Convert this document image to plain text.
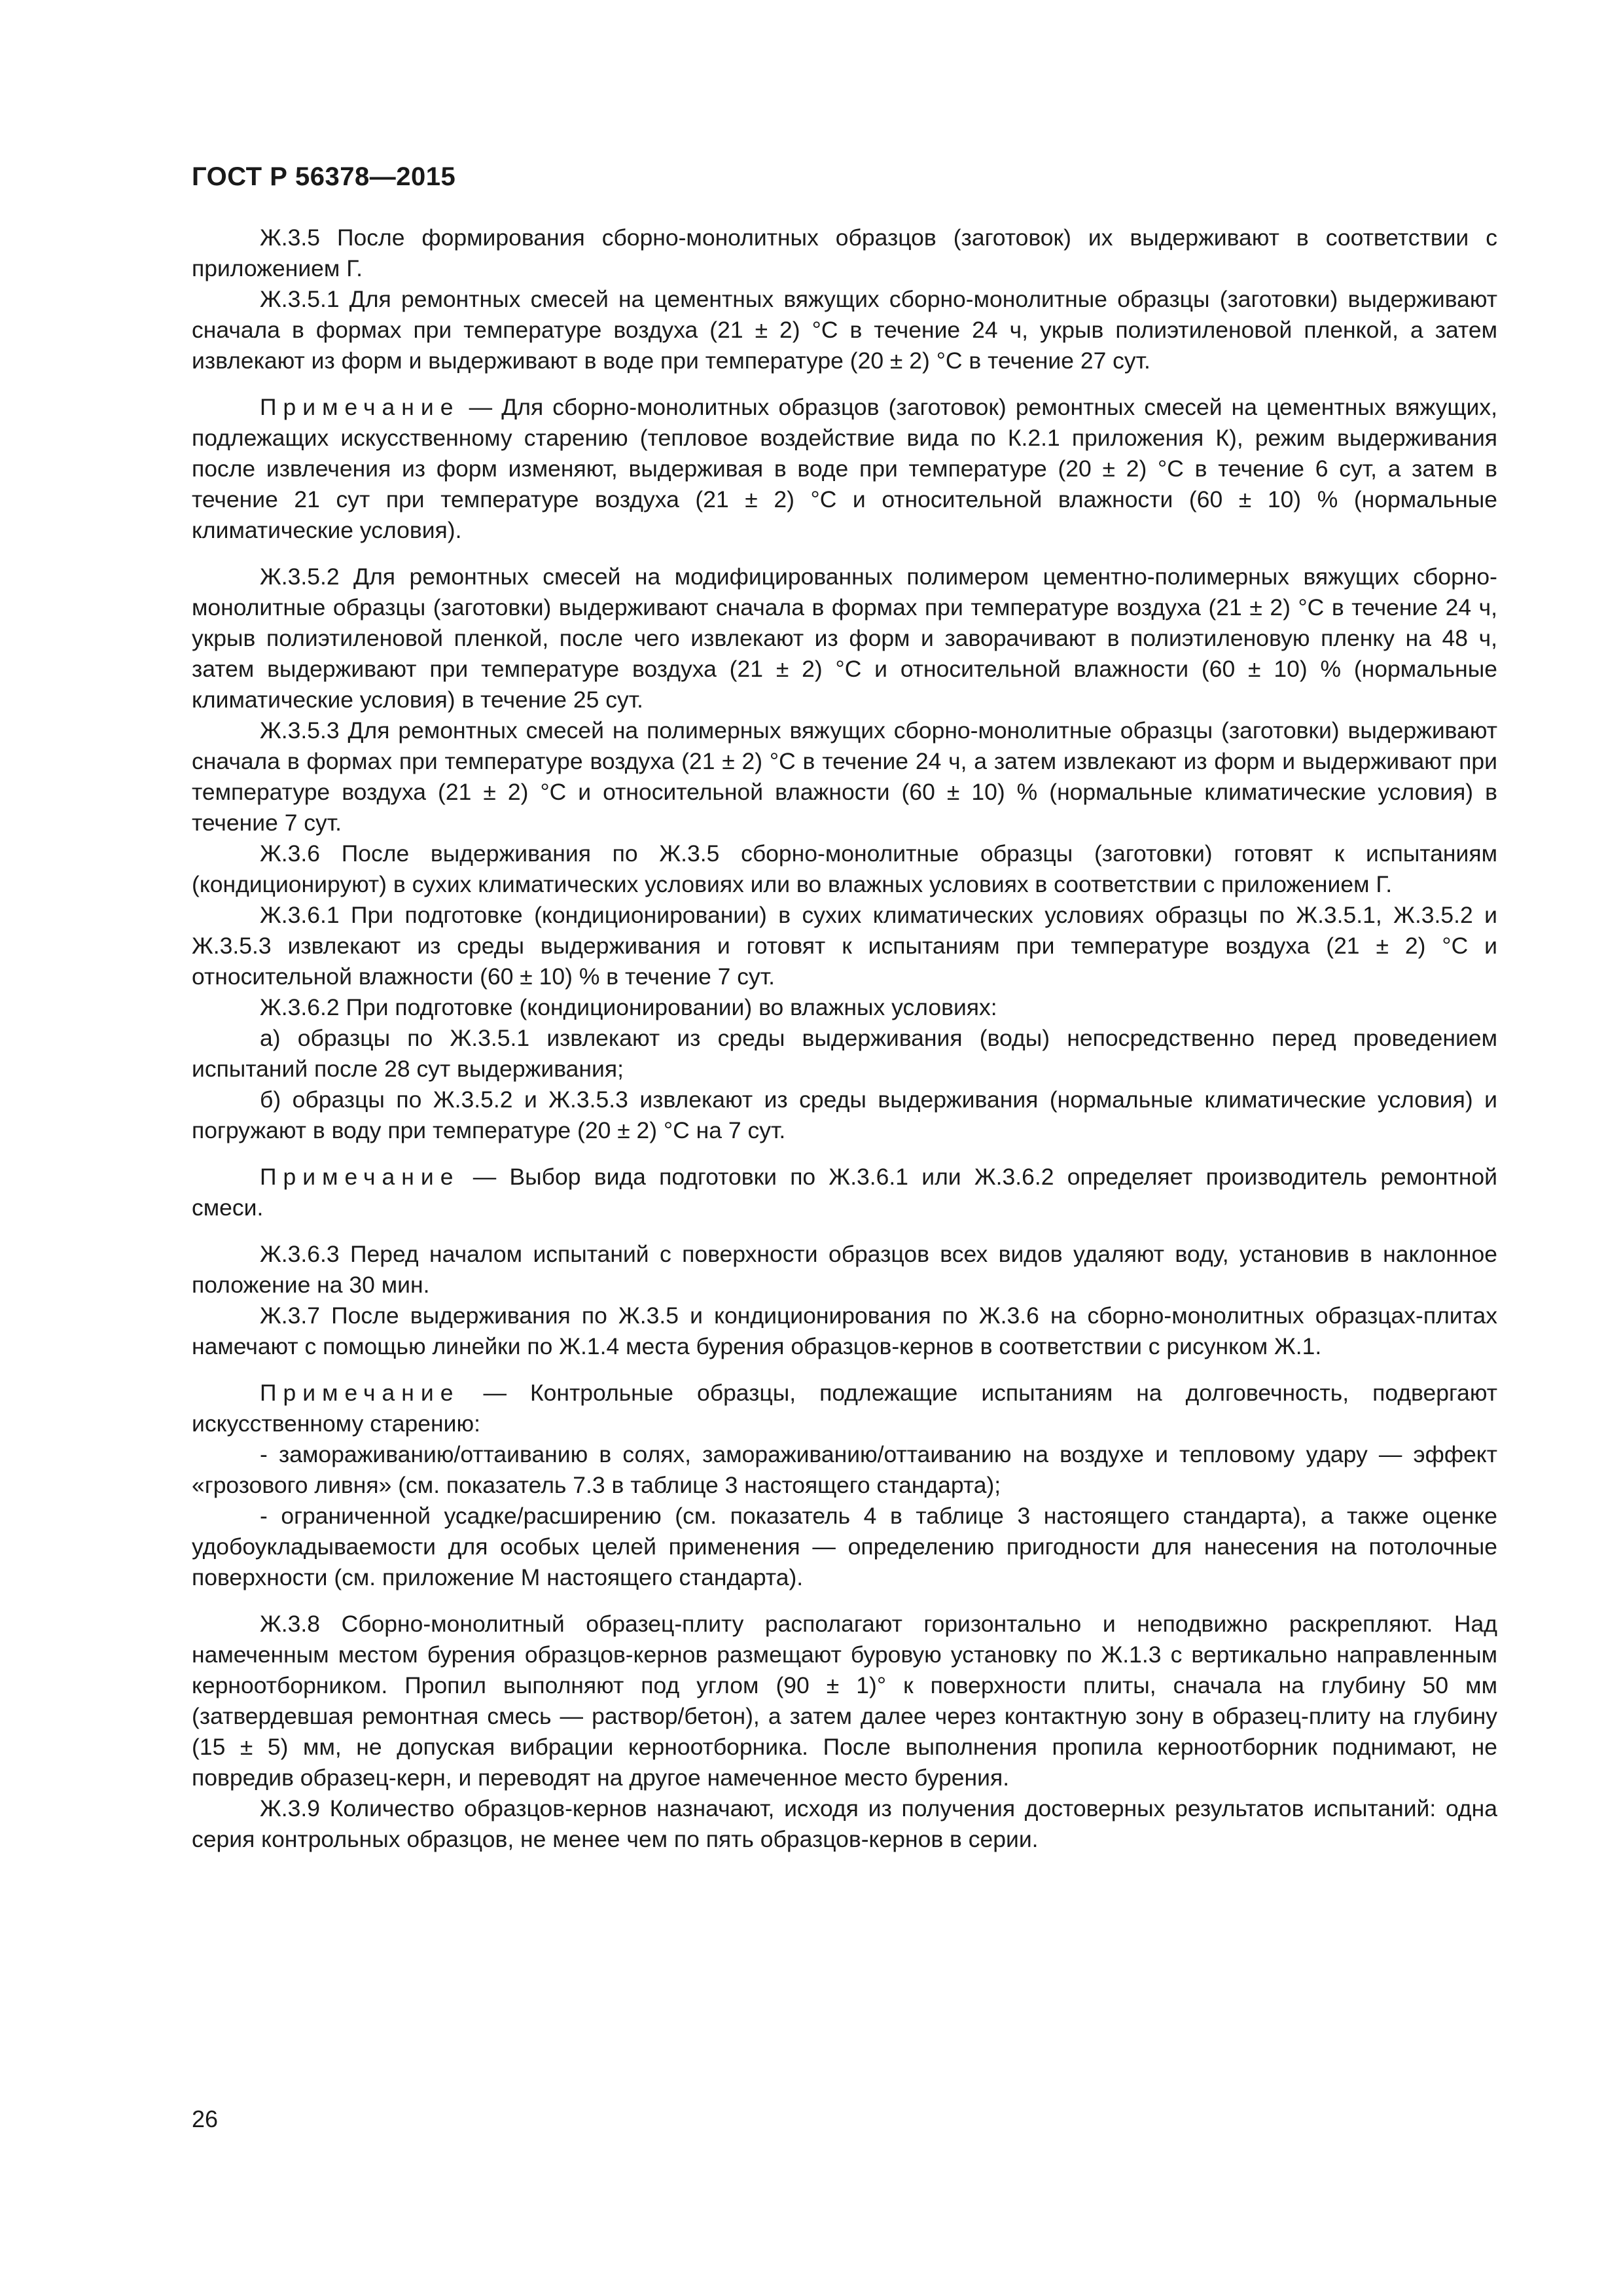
ГОСТ Р 56378—2015

Ж.3.5 После формирования сборно-монолитных образцов (заготовок) их выдерживают в соответствии с приложением Г.

Ж.3.5.1 Для ремонтных смесей на цементных вяжущих сборно-монолитные образцы (заготовки) выдерживают сначала в формах при температуре воздуха (21 ± 2) °С в течение 24 ч, укрыв полиэтиленовой пленкой, а затем извлекают из форм и выдерживают в воде при температуре (20 ± 2) °С в течение 27 сут.

Примечание — Для сборно-монолитных образцов (заготовок) ремонтных смесей на цементных вяжущих, подлежащих искусственному старению (тепловое воздействие вида по К.2.1 приложения К), режим выдерживания после извлечения из форм изменяют, выдерживая в воде при температуре (20 ± 2) °С в течение 6 сут, а затем в течение 21 сут при температуре воздуха (21 ± 2) °С и относительной влажности (60 ± 10) % (нормальные климатические условия).

Ж.3.5.2 Для ремонтных смесей на модифицированных полимером цементно-полимерных вяжущих сборно-монолитные образцы (заготовки) выдерживают сначала в формах при температуре воздуха (21 ± 2) °С в течение 24 ч, укрыв полиэтиленовой пленкой, после чего извлекают из форм и заворачивают в полиэтиленовую пленку на 48 ч, затем выдерживают при температуре воздуха (21 ± 2) °С и относительной влажности (60 ± 10) % (нормальные климатические условия) в течение 25 сут.

Ж.3.5.3 Для ремонтных смесей на полимерных вяжущих сборно-монолитные образцы (заготовки) выдерживают сначала в формах при температуре воздуха (21 ± 2) °С в течение 24 ч, а затем извлекают из форм и выдерживают при температуре воздуха (21 ± 2) °С и относительной влажности (60 ± 10) % (нормальные климатические условия) в течение 7 сут.

Ж.3.6 После выдерживания по Ж.3.5 сборно-монолитные образцы (заготовки) готовят к испытаниям (кондиционируют) в сухих климатических условиях или во влажных условиях в соответствии с приложением Г.

Ж.3.6.1 При подготовке (кондиционировании) в сухих климатических условиях образцы по Ж.3.5.1, Ж.3.5.2 и Ж.3.5.3 извлекают из среды выдерживания и готовят к испытаниям при температуре воздуха (21 ± 2) °С и относительной влажности (60 ± 10) % в течение 7 сут.

Ж.3.6.2 При подготовке (кондиционировании) во влажных условиях:

а) образцы по Ж.3.5.1 извлекают из среды выдерживания (воды) непосредственно перед проведением испытаний после 28 сут выдерживания;

б) образцы по Ж.3.5.2 и Ж.3.5.3 извлекают из среды выдерживания (нормальные климатические условия) и погружают в воду при температуре (20 ± 2) °С на 7 сут.

Примечание — Выбор вида подготовки по Ж.3.6.1 или Ж.3.6.2 определяет производитель ремонтной смеси.

Ж.3.6.3 Перед началом испытаний с поверхности образцов всех видов удаляют воду, установив в наклонное положение на 30 мин.

Ж.3.7 После выдерживания по Ж.3.5 и кондиционирования по Ж.3.6 на сборно-монолитных образцах-плитах намечают с помощью линейки по Ж.1.4 места бурения образцов-кернов в соответствии с рисунком Ж.1.

Примечание — Контрольные образцы, подлежащие испытаниям на долговечность, подвергают искусственному старению:

- замораживанию/оттаиванию в солях, замораживанию/оттаиванию на воздухе и тепловому удару — эффект «грозового ливня» (см. показатель 7.3 в таблице 3 настоящего стандарта);

- ограниченной усадке/расширению (см. показатель 4 в таблице 3 настоящего стандарта), а также оценке удобоукладываемости для особых целей применения — определению пригодности для нанесения на потолочные поверхности (см. приложение М настоящего стандарта).

Ж.3.8 Сборно-монолитный образец-плиту располагают горизонтально и неподвижно раскрепляют. Над намеченным местом бурения образцов-кернов размещают буровую установку по Ж.1.3 с вертикально направленным керноотборником. Пропил выполняют под углом (90 ± 1)° к поверхности плиты, сначала на глубину 50 мм (затвердевшая ремонтная смесь — раствор/бетон), а затем далее через контактную зону в образец-плиту на глубину (15 ± 5) мм, не допуская вибрации керноотборника. После выполнения пропила керноотборник поднимают, не повредив образец-керн, и переводят на другое намеченное место бурения.

Ж.3.9 Количество образцов-кернов назначают, исходя из получения достоверных результатов испытаний: одна серия контрольных образцов, не менее чем по пять образцов-кернов в серии.

26
